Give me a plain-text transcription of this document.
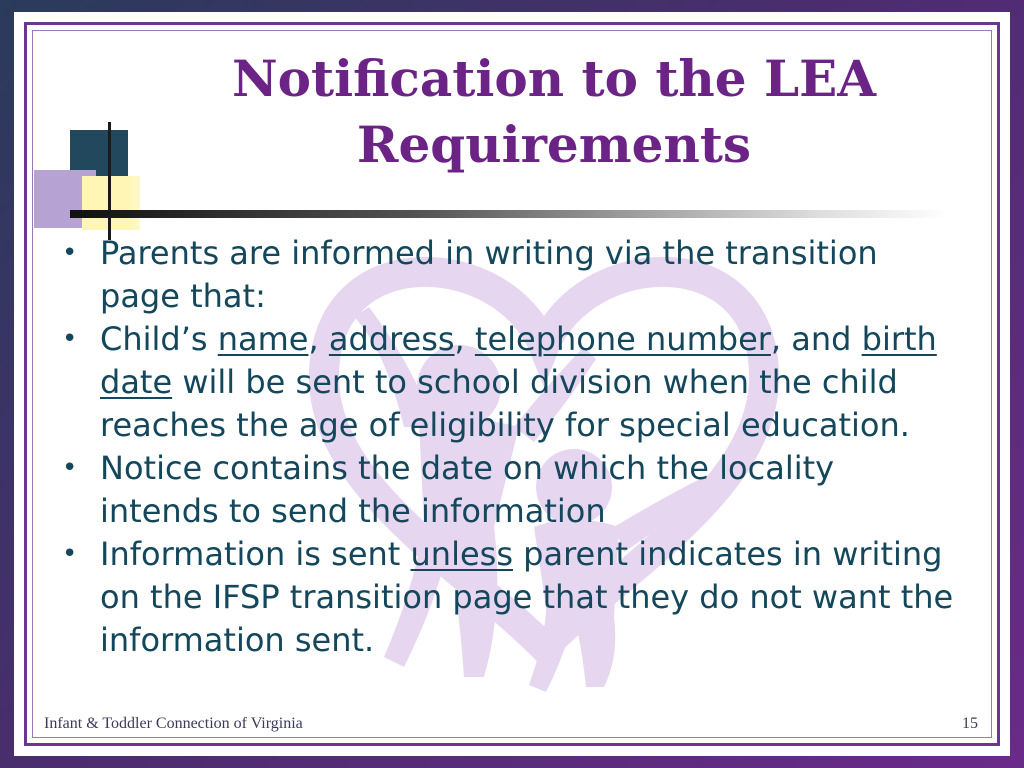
Notification to the LEA
Requirements
• Parents are informed in writing via the transition page that:
• Child’s name, address, telephone number, and birth date will be sent to school division when the child reaches the age of eligibility for special education.
• Notice contains the date on which the locality intends to send the information
• Information is sent unless parent indicates in writing on the IFSP transition page that they do not want the information sent.
Infant & Toddler Connection of Virginia	15
